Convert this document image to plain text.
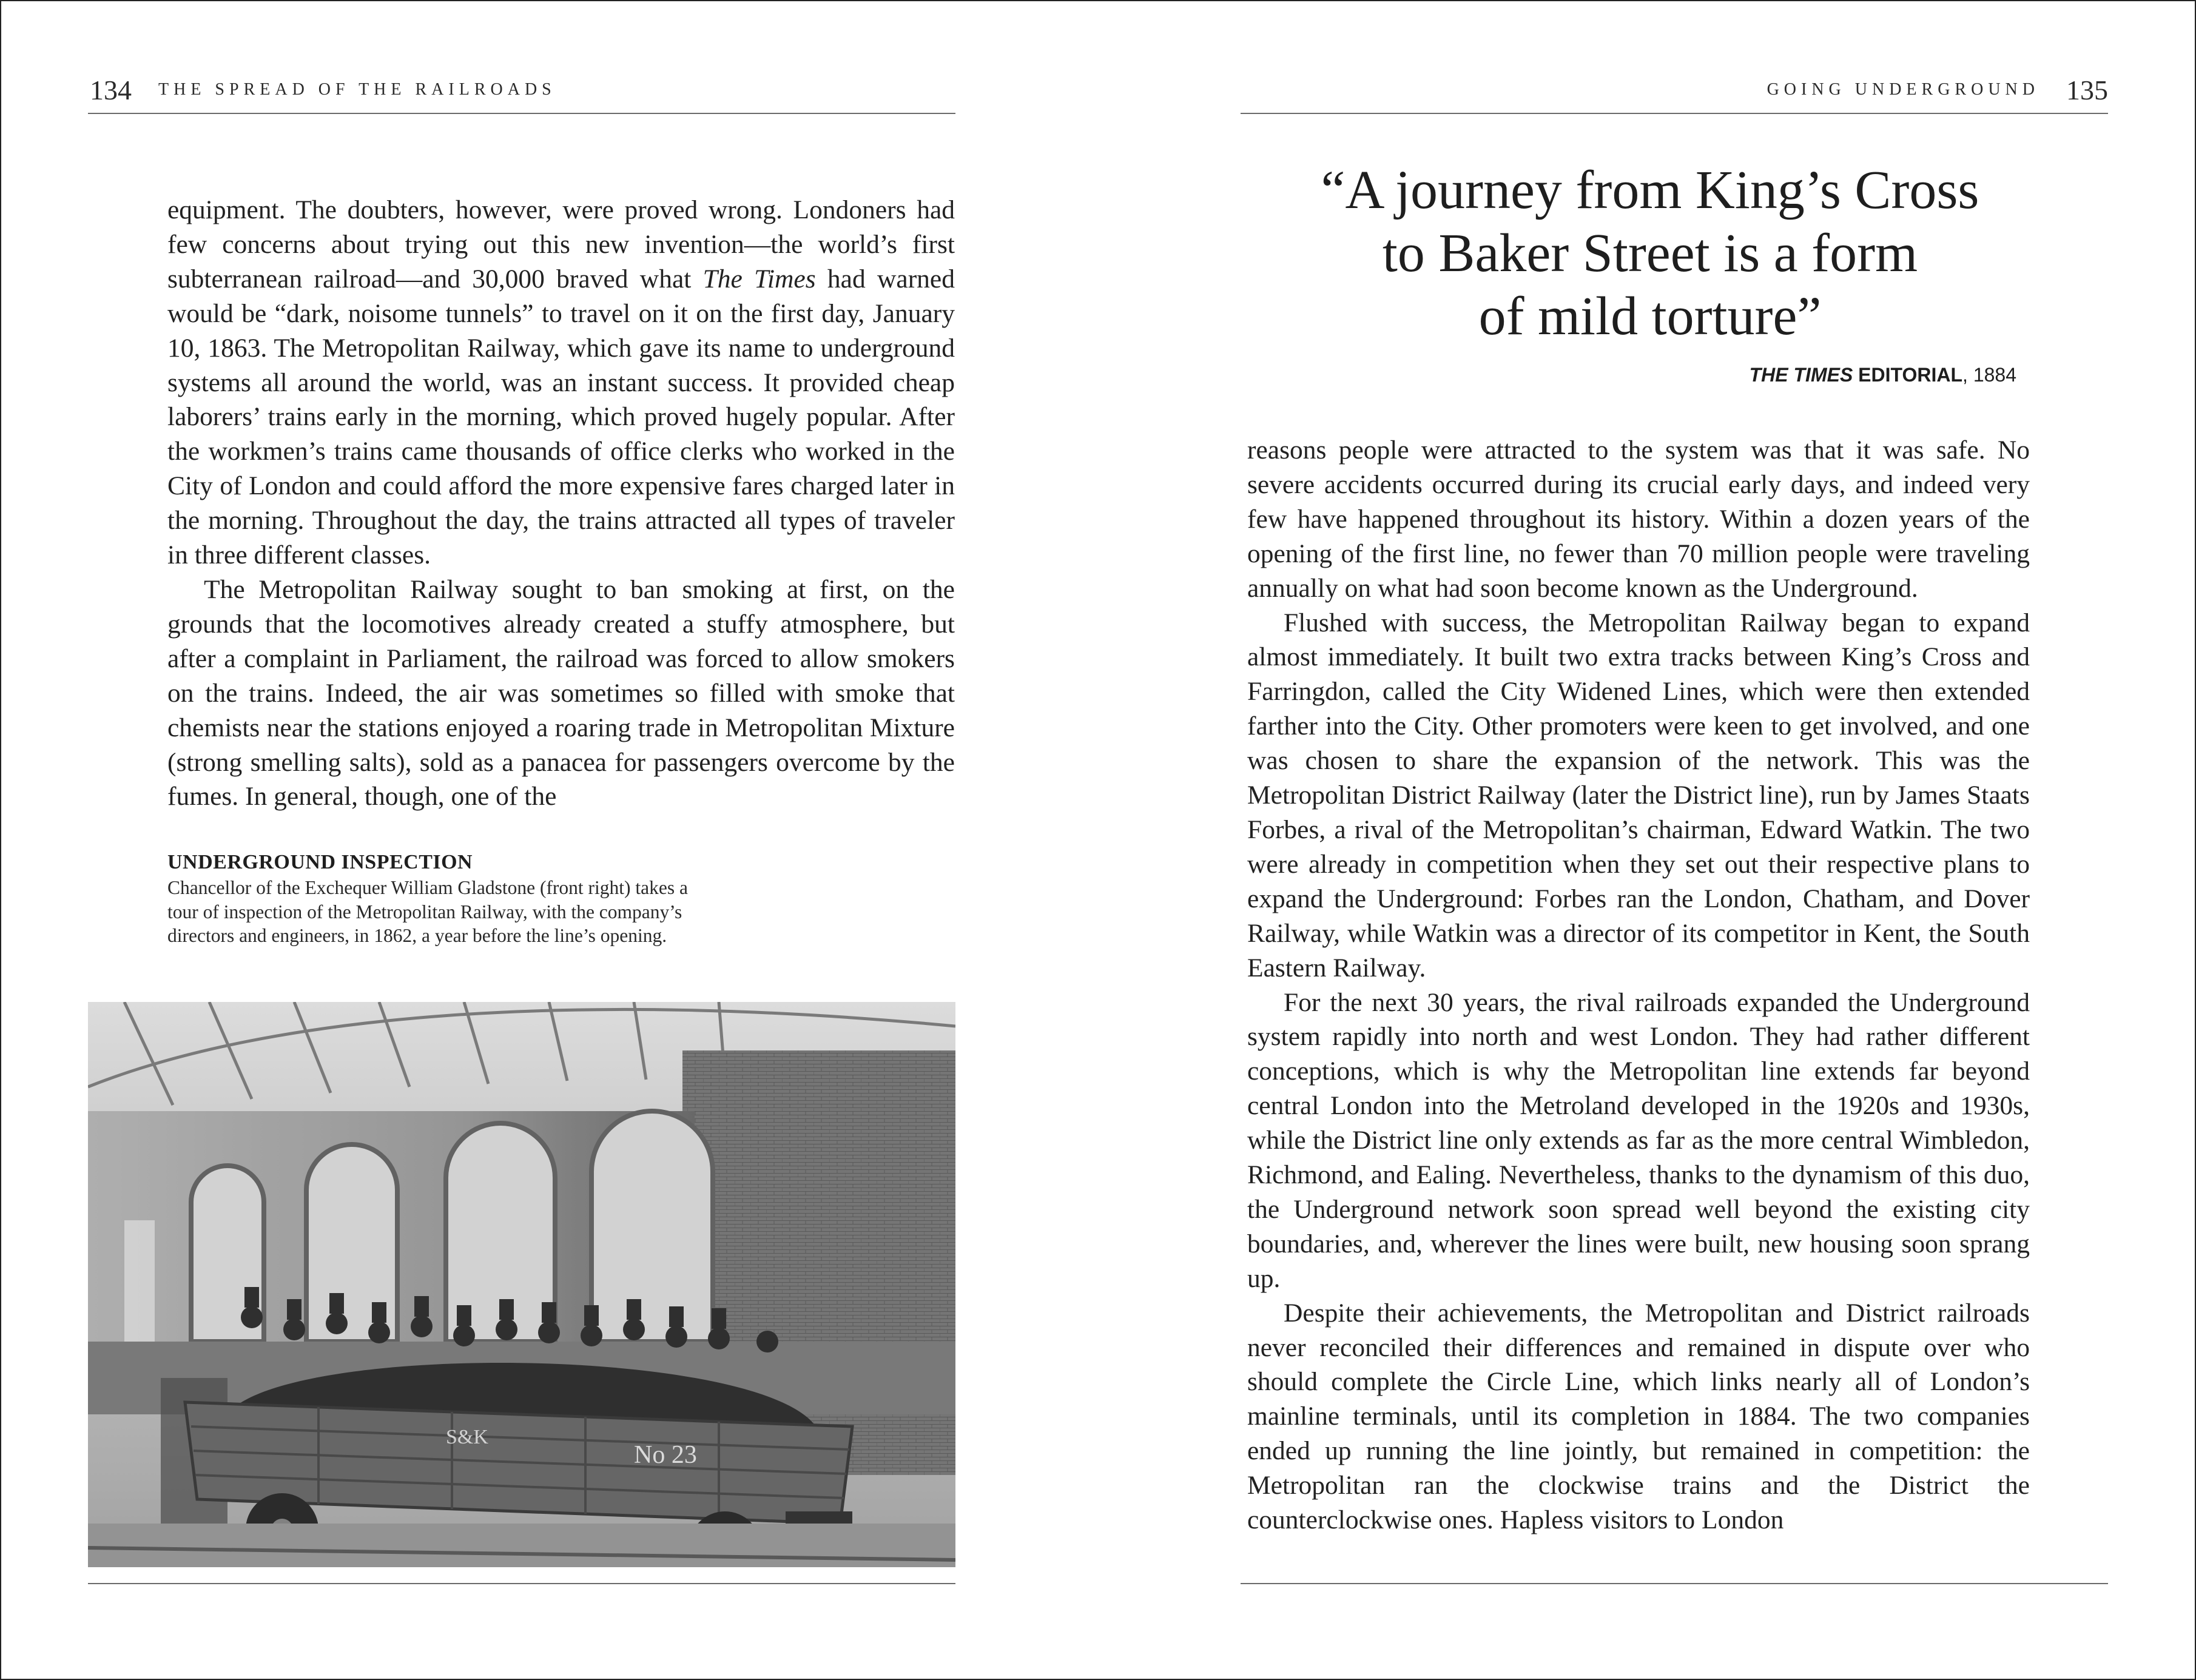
134 THE SPREAD OF THE RAILROADS

equipment. The doubters, however, were proved wrong. Londoners had few concerns about trying out this new invention—the world’s first subterranean railroad—and 30,000 braved what The Times had warned would be “dark, noisome tunnels” to travel on it on the first day, January 10, 1863. The Metropolitan Railway, which gave its name to underground systems all around the world, was an instant success. It provided cheap laborers’ trains early in the morning, which proved hugely popular. After the workmen’s trains came thousands of office clerks who worked in the City of London and could afford the more expensive fares charged later in the morning. Throughout the day, the trains attracted all types of traveler in three different classes.

The Metropolitan Railway sought to ban smoking at first, on the grounds that the locomotives already created a stuffy atmosphere, but after a complaint in Parliament, the railroad was forced to allow smokers on the trains. Indeed, the air was sometimes so filled with smoke that chemists near the stations enjoyed a roaring trade in Metropolitan Mixture (strong smelling salts), sold as a panacea for passengers overcome by the fumes. In general, though, one of the

UNDERGROUND INSPECTION
Chancellor of the Exchequer William Gladstone (front right) takes a tour of inspection of the Metropolitan Railway, with the company’s directors and engineers, in 1862, a year before the line’s opening.
S&K
No 23
GOING UNDERGROUND 135
“A journey from King’s Cross
to Baker Street is a form
of mild torture”
THE TIMES EDITORIAL, 1884

reasons people were attracted to the system was that it was safe. No severe accidents occurred during its crucial early days, and indeed very few have happened throughout its history. Within a dozen years of the opening of the first line, no fewer than 70 million people were traveling annually on what had soon become known as the Underground.

Flushed with success, the Metropolitan Railway began to expand almost immediately. It built two extra tracks between King’s Cross and Farringdon, called the City Widened Lines, which were then extended farther into the City. Other promoters were keen to get involved, and one was chosen to share the expansion of the network. This was the Metropolitan District Railway (later the District line), run by James Staats Forbes, a rival of the Metropolitan’s chairman, Edward Watkin. The two were already in competition when they set out their respective plans to expand the Underground: Forbes ran the London, Chatham, and Dover Railway, while Watkin was a director of its competitor in Kent, the South Eastern Railway.

For the next 30 years, the rival railroads expanded the Underground system rapidly into north and west London. They had rather different conceptions, which is why the Metropolitan line extends far beyond central London into the Metroland developed in the 1920s and 1930s, while the District line only extends as far as the more central Wimbledon, Richmond, and Ealing. Nevertheless, thanks to the dynamism of this duo, the Underground network soon spread well beyond the existing city boundaries, and, wherever the lines were built, new housing soon sprang up.

Despite their achievements, the Metropolitan and District railroads never reconciled their differences and remained in dispute over who should complete the Circle Line, which links nearly all of London’s mainline terminals, until its completion in 1884. The two companies ended up running the line jointly, but remained in competition: the Metropolitan ran the clockwise trains and the District the counterclockwise ones. Hapless visitors to London
